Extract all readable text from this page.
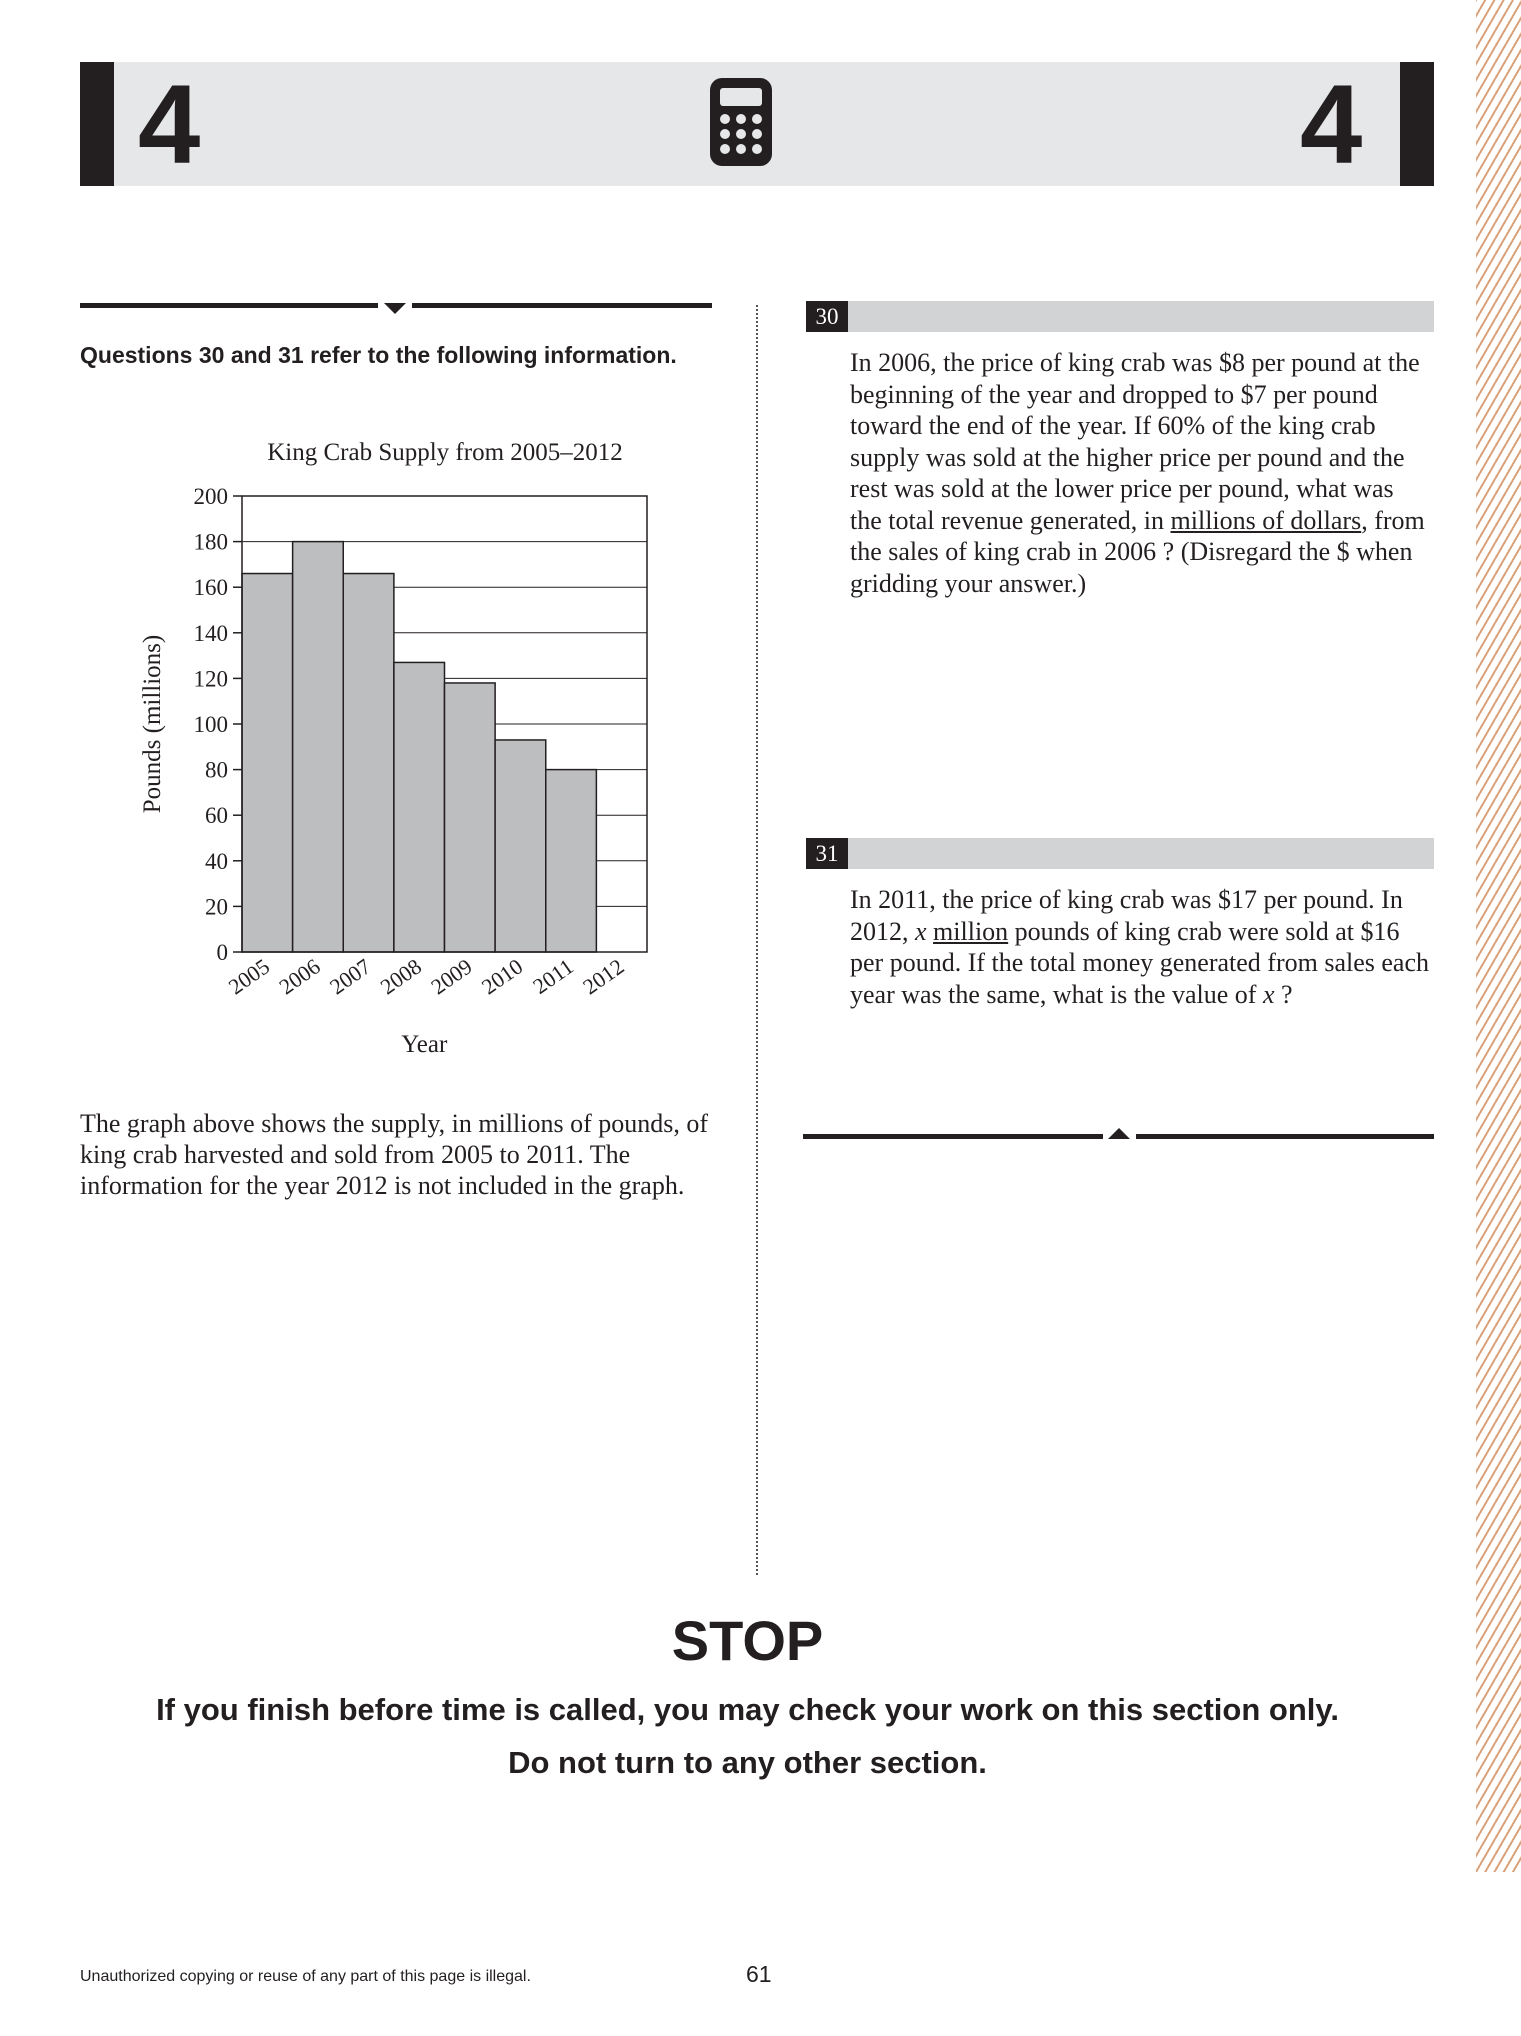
4	4
Questions 30 and 31 refer to the following information.
King Crab Supply from 2005–2012
0
20
40
60
80
100
120
140
160
180
200
2005 2006 2007 2008 2009 2010 2011 2012
Pounds (millions)
Year
The graph above shows the supply, in millions of pounds, of king crab harvested and sold from 2005 to 2011. The information for the year 2012 is not included in the graph.
30
In 2006, the price of king crab was $8 per pound at the beginning of the year and dropped to $7 per pound toward the end of the year. If 60% of the king crab supply was sold at the higher price per pound and the rest was sold at the lower price per pound, what was the total revenue generated, in millions of dollars, from the sales of king crab in 2006 ? (Disregard the $ when gridding your answer.)
31
In 2011, the price of king crab was $17 per pound. In 2012, x million pounds of king crab were sold at $16 per pound. If the total money generated from sales each year was the same, what is the value of x ?
STOP
If you finish before time is called, you may check your work on this section only.
Do not turn to any other section.
Unauthorized copying or reuse of any part of this page is illegal.	61
